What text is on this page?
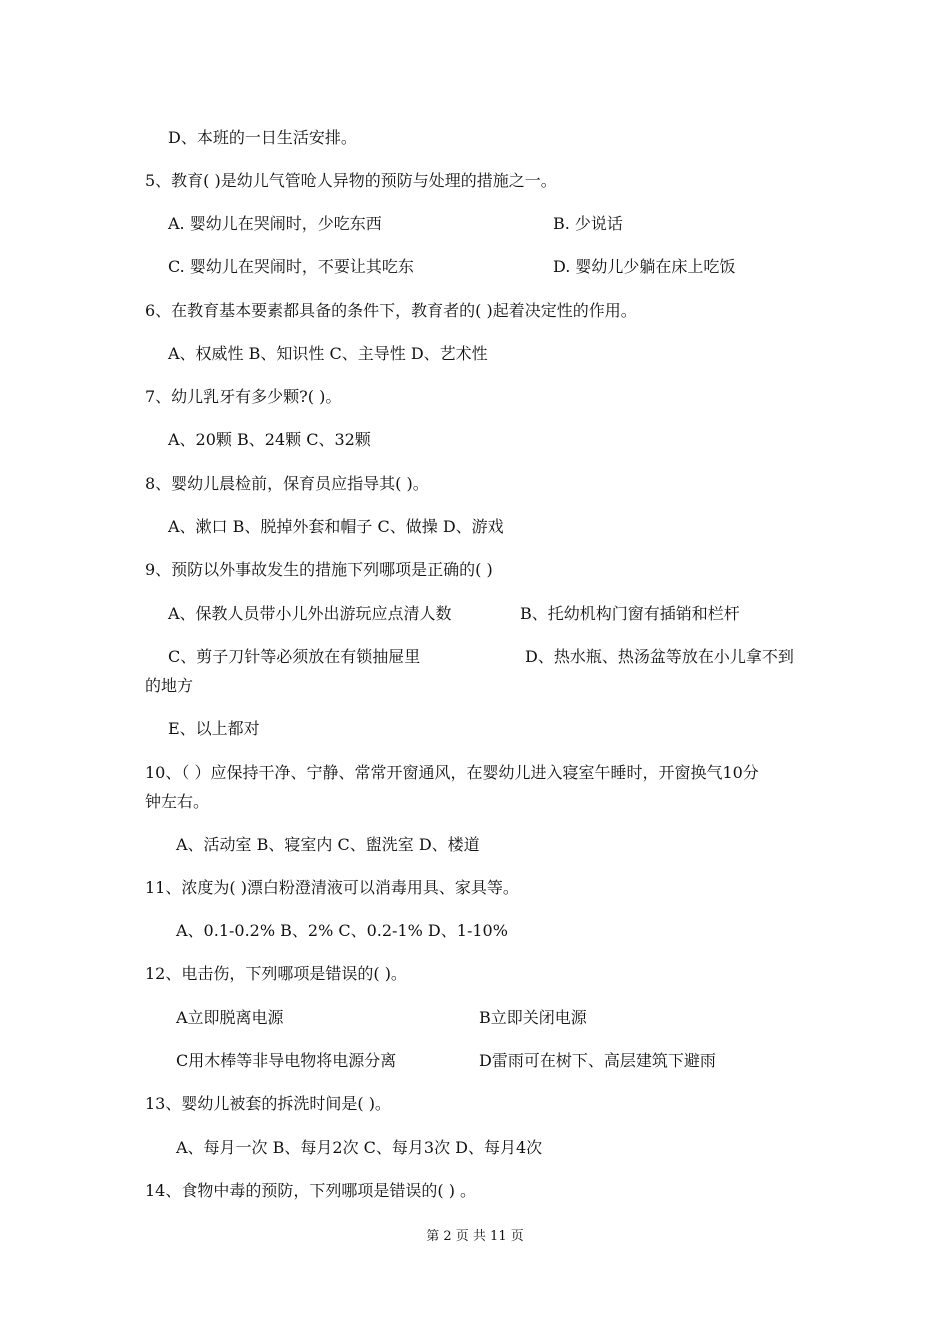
D、本班的一日生活安排。
5、教育( )是幼儿气管呛人异物的预防与处理的措施之一。
A. 婴幼儿在哭闹时，少吃东西	B. 少说话
C. 婴幼儿在哭闹时，不要让其吃东	D. 婴幼儿少躺在床上吃饭
6、在教育基本要素都具备的条件下，教育者的( )起着决定性的作用。
A、权威性 B、知识性 C、主导性 D、艺术性
7、幼儿乳牙有多少颗?( )。
A、20颗 B、24颗 C、32颗
8、婴幼儿晨检前，保育员应指导其( )。
A、漱口 B、脱掉外套和帽子 C、做操 D、游戏
9、预防以外事故发生的措施下列哪项是正确的( )
A、保教人员带小儿外出游玩应点清人数	B、托幼机构门窗有插销和栏杆
C、剪子刀针等必须放在有锁抽屉里	D、热水瓶、热汤盆等放在小儿拿不到
的地方
E、以上都对
10、（ ）应保持干净、宁静、常常开窗通风，在婴幼儿进入寝室午睡时，开窗换气10分
钟左右。
A、活动室 B、寝室内 C、盥洗室 D、楼道
11、浓度为( )漂白粉澄清液可以消毒用具、家具等。
A、0.1-0.2% B、2% C、0.2-1% D、1-10%
12、电击伤，下列哪项是错误的( )。
A立即脱离电源	B立即关闭电源
C用木棒等非导电物将电源分离	D雷雨可在树下、高层建筑下避雨
13、婴幼儿被套的拆洗时间是( )。
A、每月一次 B、每月2次 C、每月3次 D、每月4次
14、食物中毒的预防，下列哪项是错误的( ) 。
第 2 页 共 11 页
